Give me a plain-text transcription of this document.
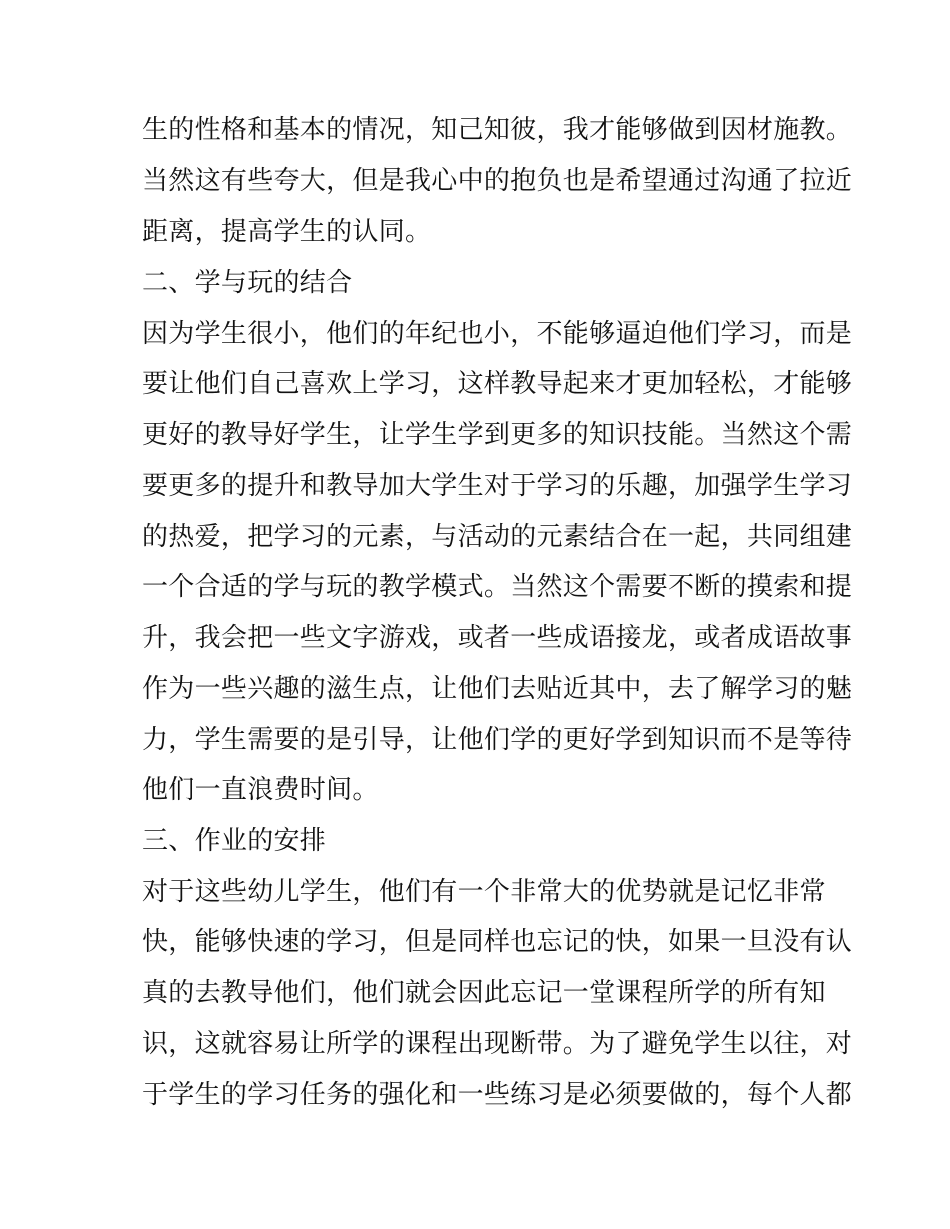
生的性格和基本的情况，知己知彼，我才能够做到因材施教。
当然这有些夸大，但是我心中的抱负也是希望通过沟通了拉近
距离，提高学生的认同。
二、学与玩的结合
因为学生很小，他们的年纪也小，不能够逼迫他们学习，而是
要让他们自己喜欢上学习，这样教导起来才更加轻松，才能够
更好的教导好学生，让学生学到更多的知识技能。当然这个需
要更多的提升和教导加大学生对于学习的乐趣，加强学生学习
的热爱，把学习的元素，与活动的元素结合在一起，共同组建
一个合适的学与玩的教学模式。当然这个需要不断的摸索和提
升，我会把一些文字游戏，或者一些成语接龙，或者成语故事
作为一些兴趣的滋生点，让他们去贴近其中，去了解学习的魅
力，学生需要的是引导，让他们学的更好学到知识而不是等待
他们一直浪费时间。
三、作业的安排
对于这些幼儿学生，他们有一个非常大的优势就是记忆非常
快，能够快速的学习，但是同样也忘记的快，如果一旦没有认
真的去教导他们，他们就会因此忘记一堂课程所学的所有知
识，这就容易让所学的课程出现断带。为了避免学生以往，对
于学生的学习任务的强化和一些练习是必须要做的，每个人都
